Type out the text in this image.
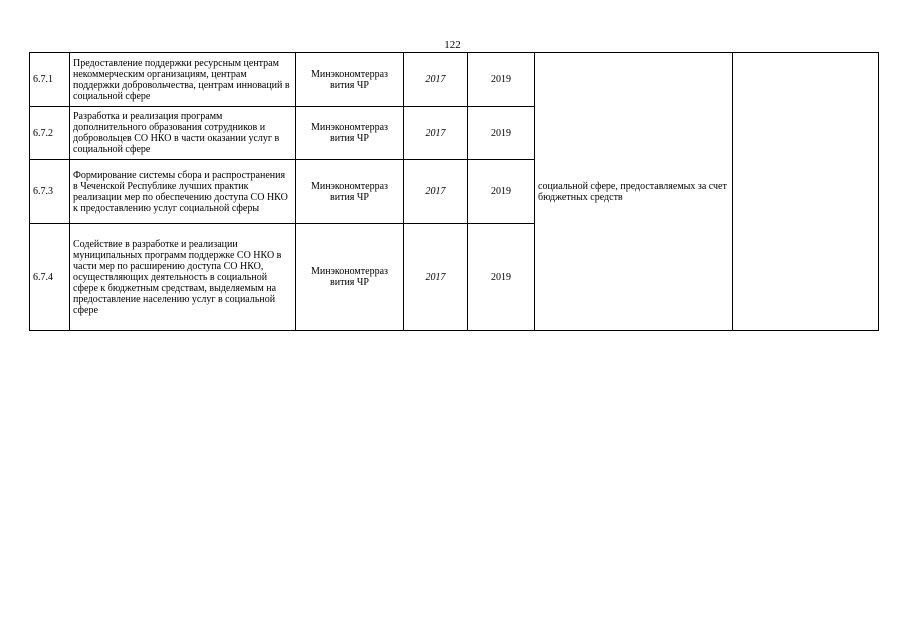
122
6.7.1	Предоставление поддержки ресурсным центрам некоммерческим организациям, центрам поддержки добровольчества, центрам инноваций в социальной сфере	Минэкономтерраз вития ЧР	2017	2019	социальной сфере, предоставляемых за счет бюджетных средств	
6.7.2	Разработка и реализация программ дополнительного образования сотрудников и добровольцев СО НКО в части оказании услуг в социальной сфере	Минэкономтерраз вития ЧР	2017	2019		
6.7.3	Формирование системы сбора и распространения в Чеченской Республике лучших практик реализации мер по обеспечению доступа СО НКО к предоставлению услуг социальной сферы	Минэкономтерраз вития ЧР	2017	2019		
6.7.4	Содействие в разработке и реализации муниципальных программ поддержке СО НКО в части мер по расширению доступа СО НКО, осуществляющих деятельность в социальной сфере к бюджетным средствам, выделяемым на предоставление населению услуг в социальной сфере	Минэкономтерраз вития ЧР	2017	2019		
